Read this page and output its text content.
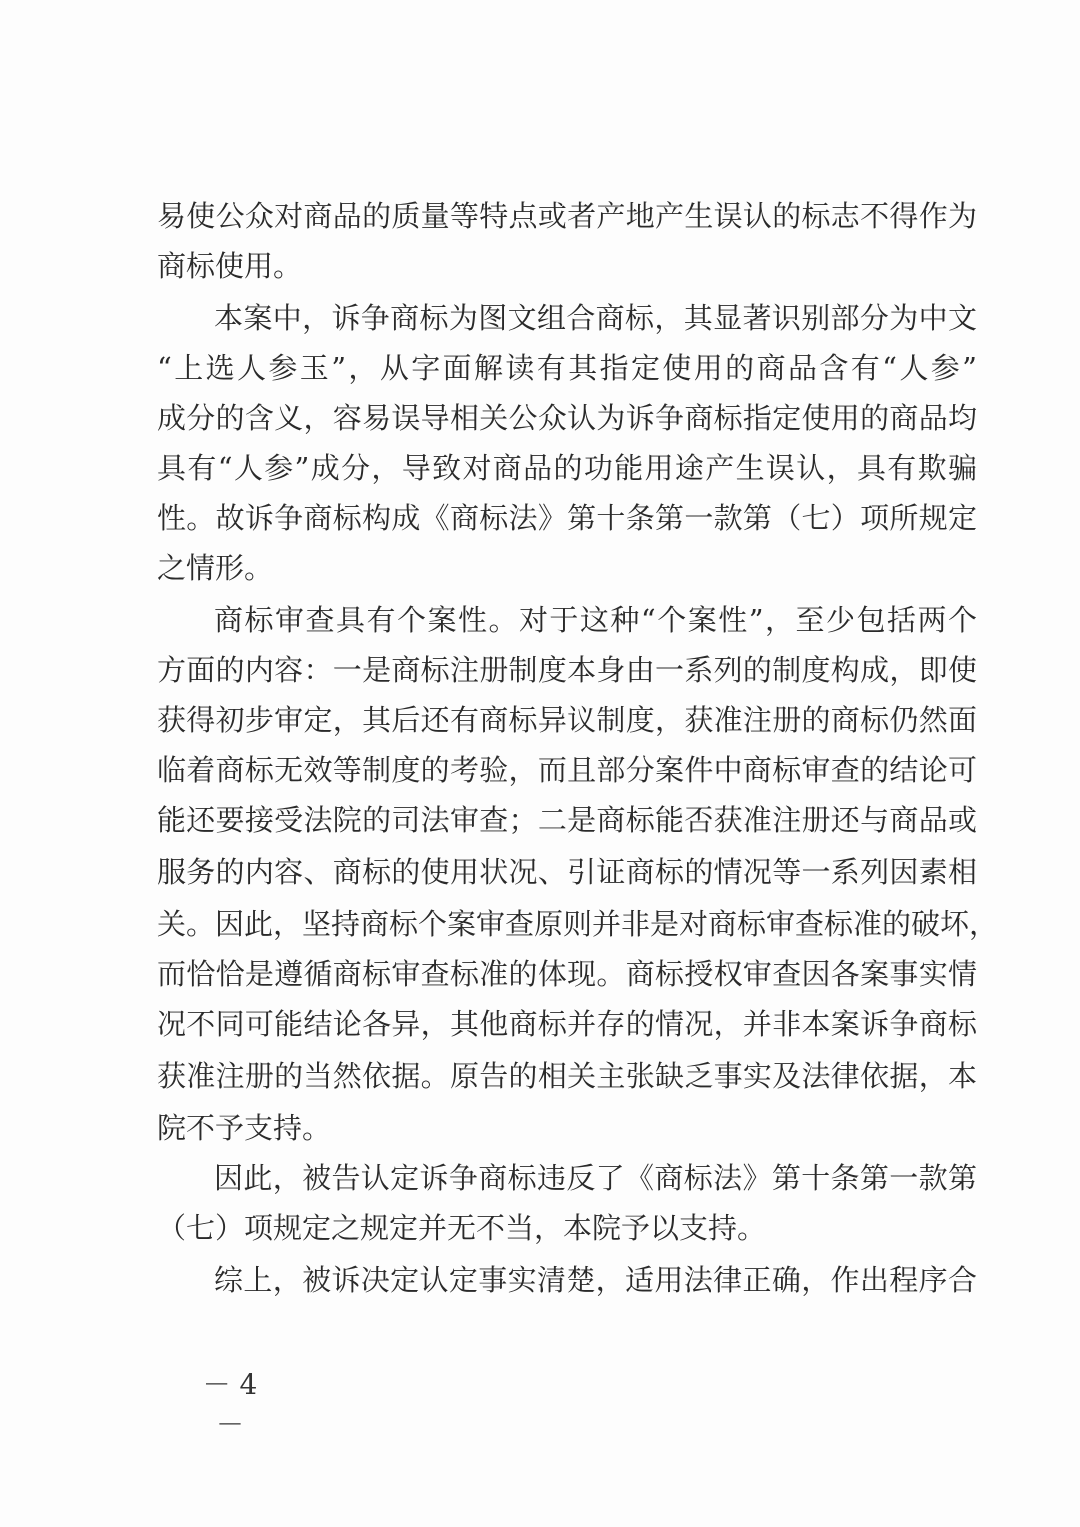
易使公众对商品的质量等特点或者产地产生误认的标志不得作为
商标使用。
本案中，诉争商标为图文组合商标，其显著识别部分为中文
“上选人参玉”，从字面解读有其指定使用的商品含有“人参”
成分的含义，容易误导相关公众认为诉争商标指定使用的商品均
具有“人参”成分，导致对商品的功能用途产生误认，具有欺骗
性。故诉争商标构成《商标法》第十条第一款第（七）项所规定
之情形。
商标审查具有个案性。对于这种“个案性”，至少包括两个
方面的内容：一是商标注册制度本身由一系列的制度构成，即使
获得初步审定，其后还有商标异议制度，获准注册的商标仍然面
临着商标无效等制度的考验，而且部分案件中商标审查的结论可
能还要接受法院的司法审查；二是商标能否获准注册还与商品或
服务的内容、商标的使用状况、引证商标的情况等一系列因素相
关。因此，坚持商标个案审查原则并非是对商标审查标准的破坏，
而恰恰是遵循商标审查标准的体现。商标授权审查因各案事实情
况不同可能结论各异，其他商标并存的情况，并非本案诉争商标
获准注册的当然依据。原告的相关主张缺乏事实及法律依据，本
院不予支持。
因此，被告认定诉争商标违反了《商标法》第十条第一款第
（七）项规定之规定并无不当，本院予以支持。
综上，被诉决定认定事实清楚，适用法律正确，作出程序合
－ 4 －
